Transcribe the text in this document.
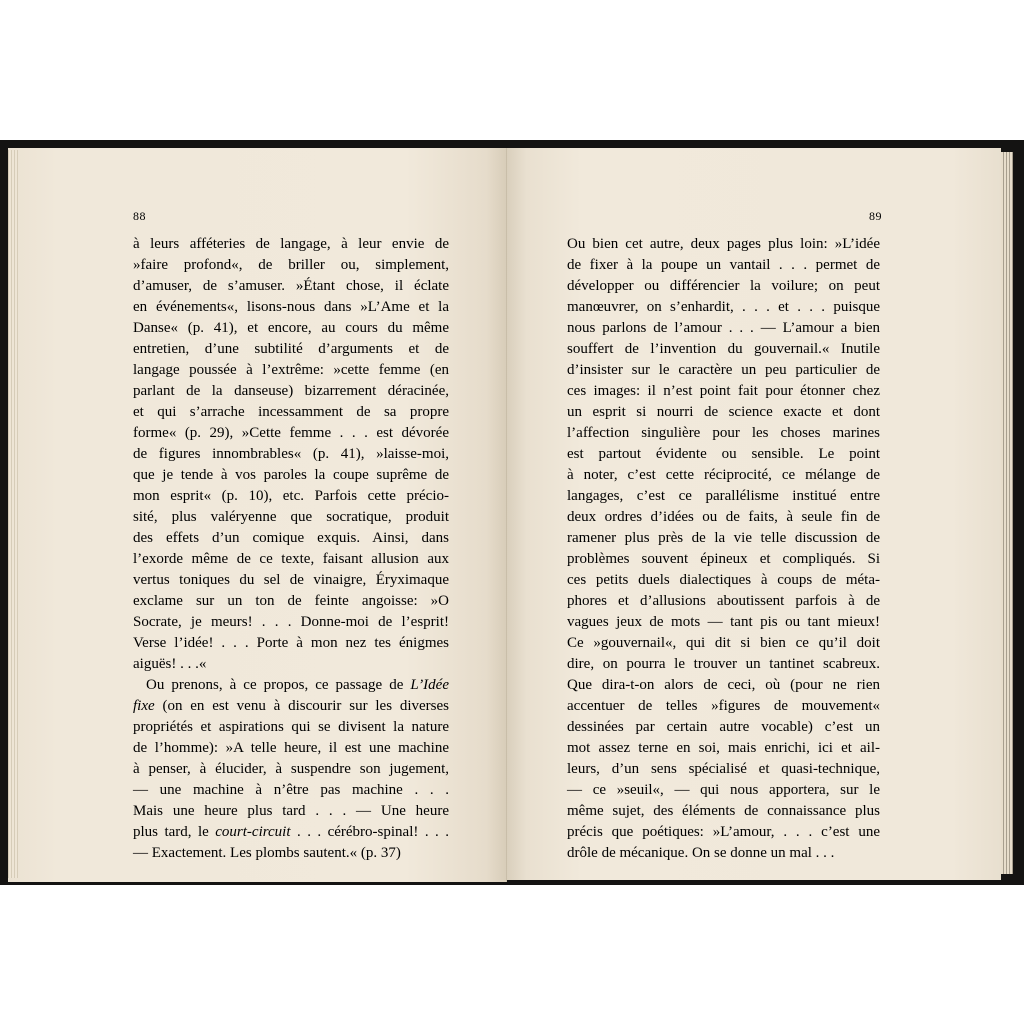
88	89
à leurs afféteries de langage, à leur envie de
»faire profond«, de briller ou, simplement,
d’amuser, de s’amuser. »Étant chose, il éclate
en événements«, lisons-nous dans »L’Ame et la
Danse« (p. 41), et encore, au cours du même
entretien, d’une subtilité d’arguments et de
langage poussée à l’extrême: »cette femme (en
parlant de la danseuse) bizarrement déracinée,
et qui s’arrache incessamment de sa propre
forme« (p. 29), »Cette femme . . . est dévorée
de figures innombrables« (p. 41), »laisse-moi,
que je tende à vos paroles la coupe suprême de
mon esprit« (p. 10), etc. Parfois cette précio-
sité, plus valéryenne que socratique, produit
des effets d’un comique exquis. Ainsi, dans
l’exorde même de ce texte, faisant allusion aux
vertus toniques du sel de vinaigre, Éryximaque
exclame sur un ton de feinte angoisse: »O
Socrate, je meurs! . . . Donne-moi de l’esprit!
Verse l’idée! . . . Porte à mon nez tes énigmes
aiguës! . . .«
Ou prenons, à ce propos, ce passage de L’Idée
fixe (on en est venu à discourir sur les diverses
propriétés et aspirations qui se divisent la nature
de l’homme): »A telle heure, il est une machine
à penser, à élucider, à suspendre son jugement,
— une machine à n’être pas machine . . .
Mais une heure plus tard . . . — Une heure
plus tard, le court-circuit . . . cérébro-spinal! . . .
— Exactement. Les plombs sautent.« (p. 37)
Ou bien cet autre, deux pages plus loin: »L’idée
de fixer à la poupe un vantail . . . permet de
développer ou différencier la voilure; on peut
manœuvrer, on s’enhardit, . . . et . . . puisque
nous parlons de l’amour . . . — L’amour a bien
souffert de l’invention du gouvernail.« Inutile
d’insister sur le caractère un peu particulier de
ces images: il n’est point fait pour étonner chez
un esprit si nourri de science exacte et dont
l’affection singulière pour les choses marines
est partout évidente ou sensible. Le point
à noter, c’est cette réciprocité, ce mélange de
langages, c’est ce parallélisme institué entre
deux ordres d’idées ou de faits, à seule fin de
ramener plus près de la vie telle discussion de
problèmes souvent épineux et compliqués. Si
ces petits duels dialectiques à coups de méta-
phores et d’allusions aboutissent parfois à de
vagues jeux de mots — tant pis ou tant mieux!
Ce »gouvernail«, qui dit si bien ce qu’il doit
dire, on pourra le trouver un tantinet scabreux.
Que dira-t-on alors de ceci, où (pour ne rien
accentuer de telles »figures de mouvement«
dessinées par certain autre vocable) c’est un
mot assez terne en soi, mais enrichi, ici et ail-
leurs, d’un sens spécialisé et quasi-technique,
— ce »seuil«, — qui nous apportera, sur le
même sujet, des éléments de connaissance plus
précis que poétiques: »L’amour, . . . c’est une
drôle de mécanique. On se donne un mal . . .
